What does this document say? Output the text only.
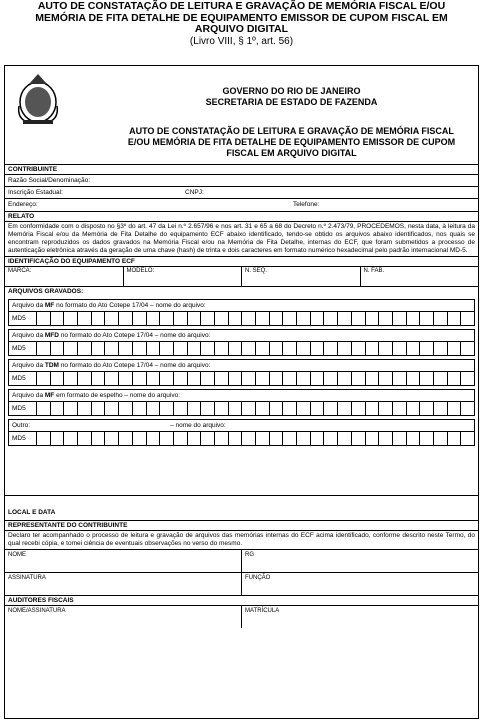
AUTO DE CONSTATAÇÃO DE LEITURA E GRAVAÇÃO DE MEMÓRIA FISCAL E/OU
MEMÓRIA DE FITA DETALHE DE EQUIPAMENTO EMISSOR DE CUPOM FISCAL EM
ARQUIVO DIGITAL
(Livro VIII, § 1º, art. 56)
GOVERNO DO RIO DE JANEIRO
SECRETARIA DE ESTADO DE FAZENDA
AUTO DE CONSTATAÇÃO DE LEITURA E GRAVAÇÃO DE MEMÓRIA FISCAL
E/OU MEMÓRIA DE FITA DETALHE DE EQUIPAMENTO EMISSOR DE CUPOM
FISCAL EM ARQUIVO DIGITAL
CONTRIBUINTE
Razão Social/Denominação:
Inscrição Estadual:	CNPJ:
Endereço:	Telefone:
RELATO
Em conformidade com o disposto no §3º do art. 47 da Lei n.º 2.657/96 e nos art. 31 e 65 a 68 do Decreto n.º 2.473/79, PROCEDEMOS, nesta data, à leitura da Memória Fiscal e/ou da Memória de Fita Detalhe do equipamento ECF abaixo identificado, tendo-se obtido os arquivos abaixo identificados, nos quais se encontram reproduzidos os dados gravados na Memória Fiscal e/ou na Memória de Fita Detalhe, internas do ECF, que foram submetidos a processo de autenticação eletrônica através da geração de uma chave (hash) de trinta e dois caracteres em formato numérico hexadecimal pelo padrão internacional MD-5.
IDENTIFICAÇÃO DO EQUIPAMENTO ECF
MARCA:	MODELO:	N. SEQ.	N. FAB.
ARQUIVOS GRAVADOS:
Arquivo da MF no formato do Ato Cotepe 17/04 – nome do arquivo:
MD5
Arquivo da MFD no formato do Ato Cotepe 17/04 – nome do arquivo:
MD5
Arquivo da TDM no formato do Ato Cotepe 17/04 – nome do arquivo:
MD5
Arquivo da MF em formato de espelho – nome do arquivo:
MD5
Outro:	– nome do arquivo:
MD5
LOCAL E DATA
REPRESENTANTE DO CONTRIBUINTE
Declaro ter acompanhado o processo de leitura e gravação de arquivos das memórias internas do ECF acima identificado, conforme descrito neste Termo, do qual recebi cópia, e tomei ciência de eventuais observações no verso do mesmo.
NOME	RG
ASSINATURA	FUNÇÃO
AUDITORES FISCAIS
NOME/ASSINATURA	MATRÍCULA
